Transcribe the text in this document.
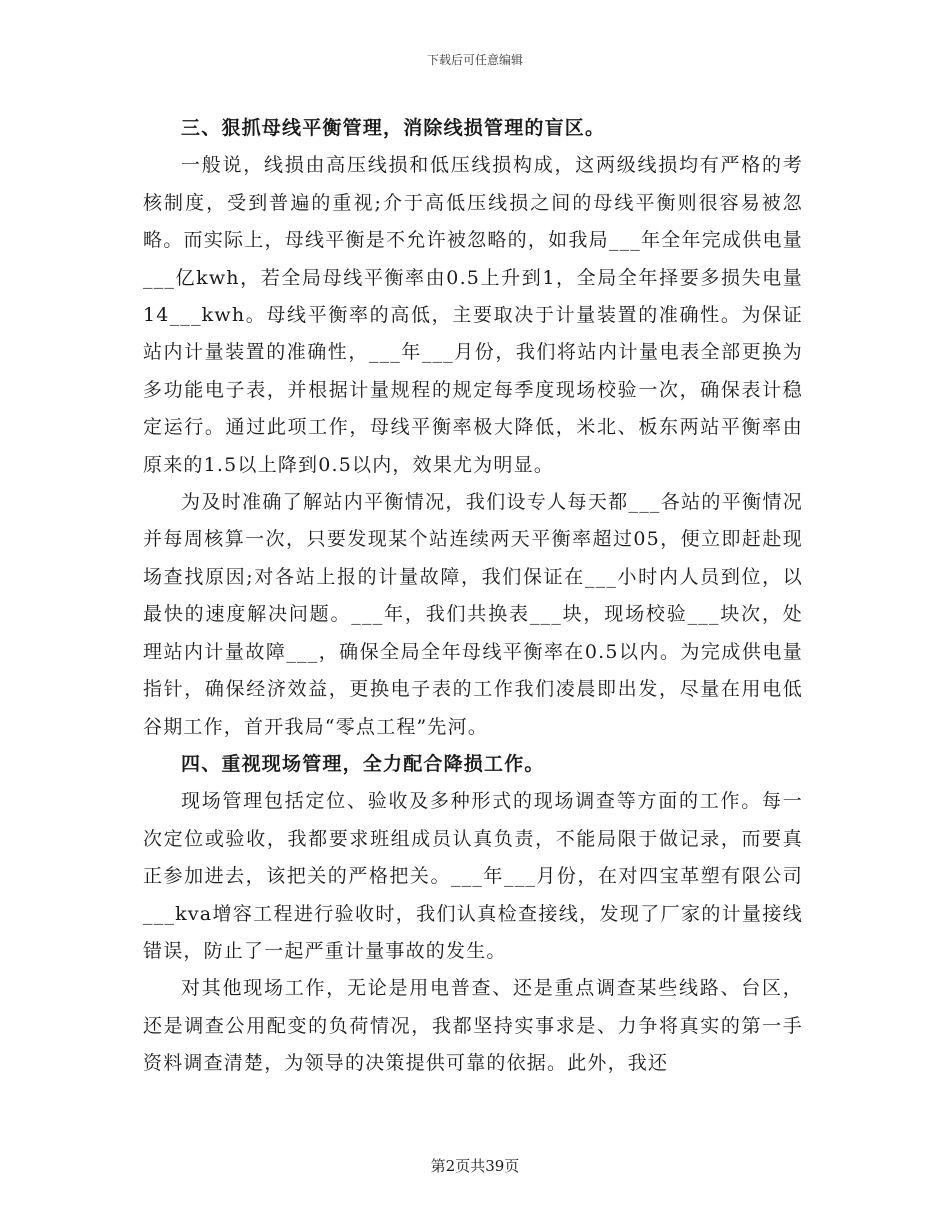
下载后可任意编辑

三、狠抓母线平衡管理，消除线损管理的盲区。

一般说，线损由高压线损和低压线损构成，这两级线损均有严格的考核制度，受到普遍的重视;介于高低压线损之间的母线平衡则很容易被忽略。而实际上，母线平衡是不允许被忽略的，如我局___年全年完成供电量___亿kwh，若全局母线平衡率由0.5上升到1，全局全年择要多损失电量14___kwh。母线平衡率的高低，主要取决于计量装置的准确性。为保证站内计量装置的准确性，___年___月份，我们将站内计量电表全部更换为多功能电子表，并根据计量规程的规定每季度现场校验一次，确保表计稳定运行。通过此项工作，母线平衡率极大降低，米北、板东两站平衡率由原来的1.5以上降到0.5以内，效果尤为明显。

为及时准确了解站内平衡情况，我们设专人每天都___各站的平衡情况并每周核算一次，只要发现某个站连续两天平衡率超过05，便立即赶赴现场查找原因;对各站上报的计量故障，我们保证在___小时内人员到位，以最快的速度解决问题。___年，我们共换表___块，现场校验___块次，处理站内计量故障___，确保全局全年母线平衡率在0.5以内。为完成供电量指针，确保经济效益，更换电子表的工作我们凌晨即出发，尽量在用电低谷期工作，首开我局“零点工程”先河。

四、重视现场管理，全力配合降损工作。

现场管理包括定位、验收及多种形式的现场调查等方面的工作。每一次定位或验收，我都要求班组成员认真负责，不能局限于做记录，而要真正参加进去，该把关的严格把关。___年___月份，在对四宝革塑有限公司___kva增容工程进行验收时，我们认真检查接线，发现了厂家的计量接线错误，防止了一起严重计量事故的发生。

对其他现场工作，无论是用电普查、还是重点调查某些线路、台区，还是调查公用配变的负荷情况，我都坚持实事求是、力争将真实的第一手资料调查清楚，为领导的决策提供可靠的依据。此外，我还

第2页共39页
